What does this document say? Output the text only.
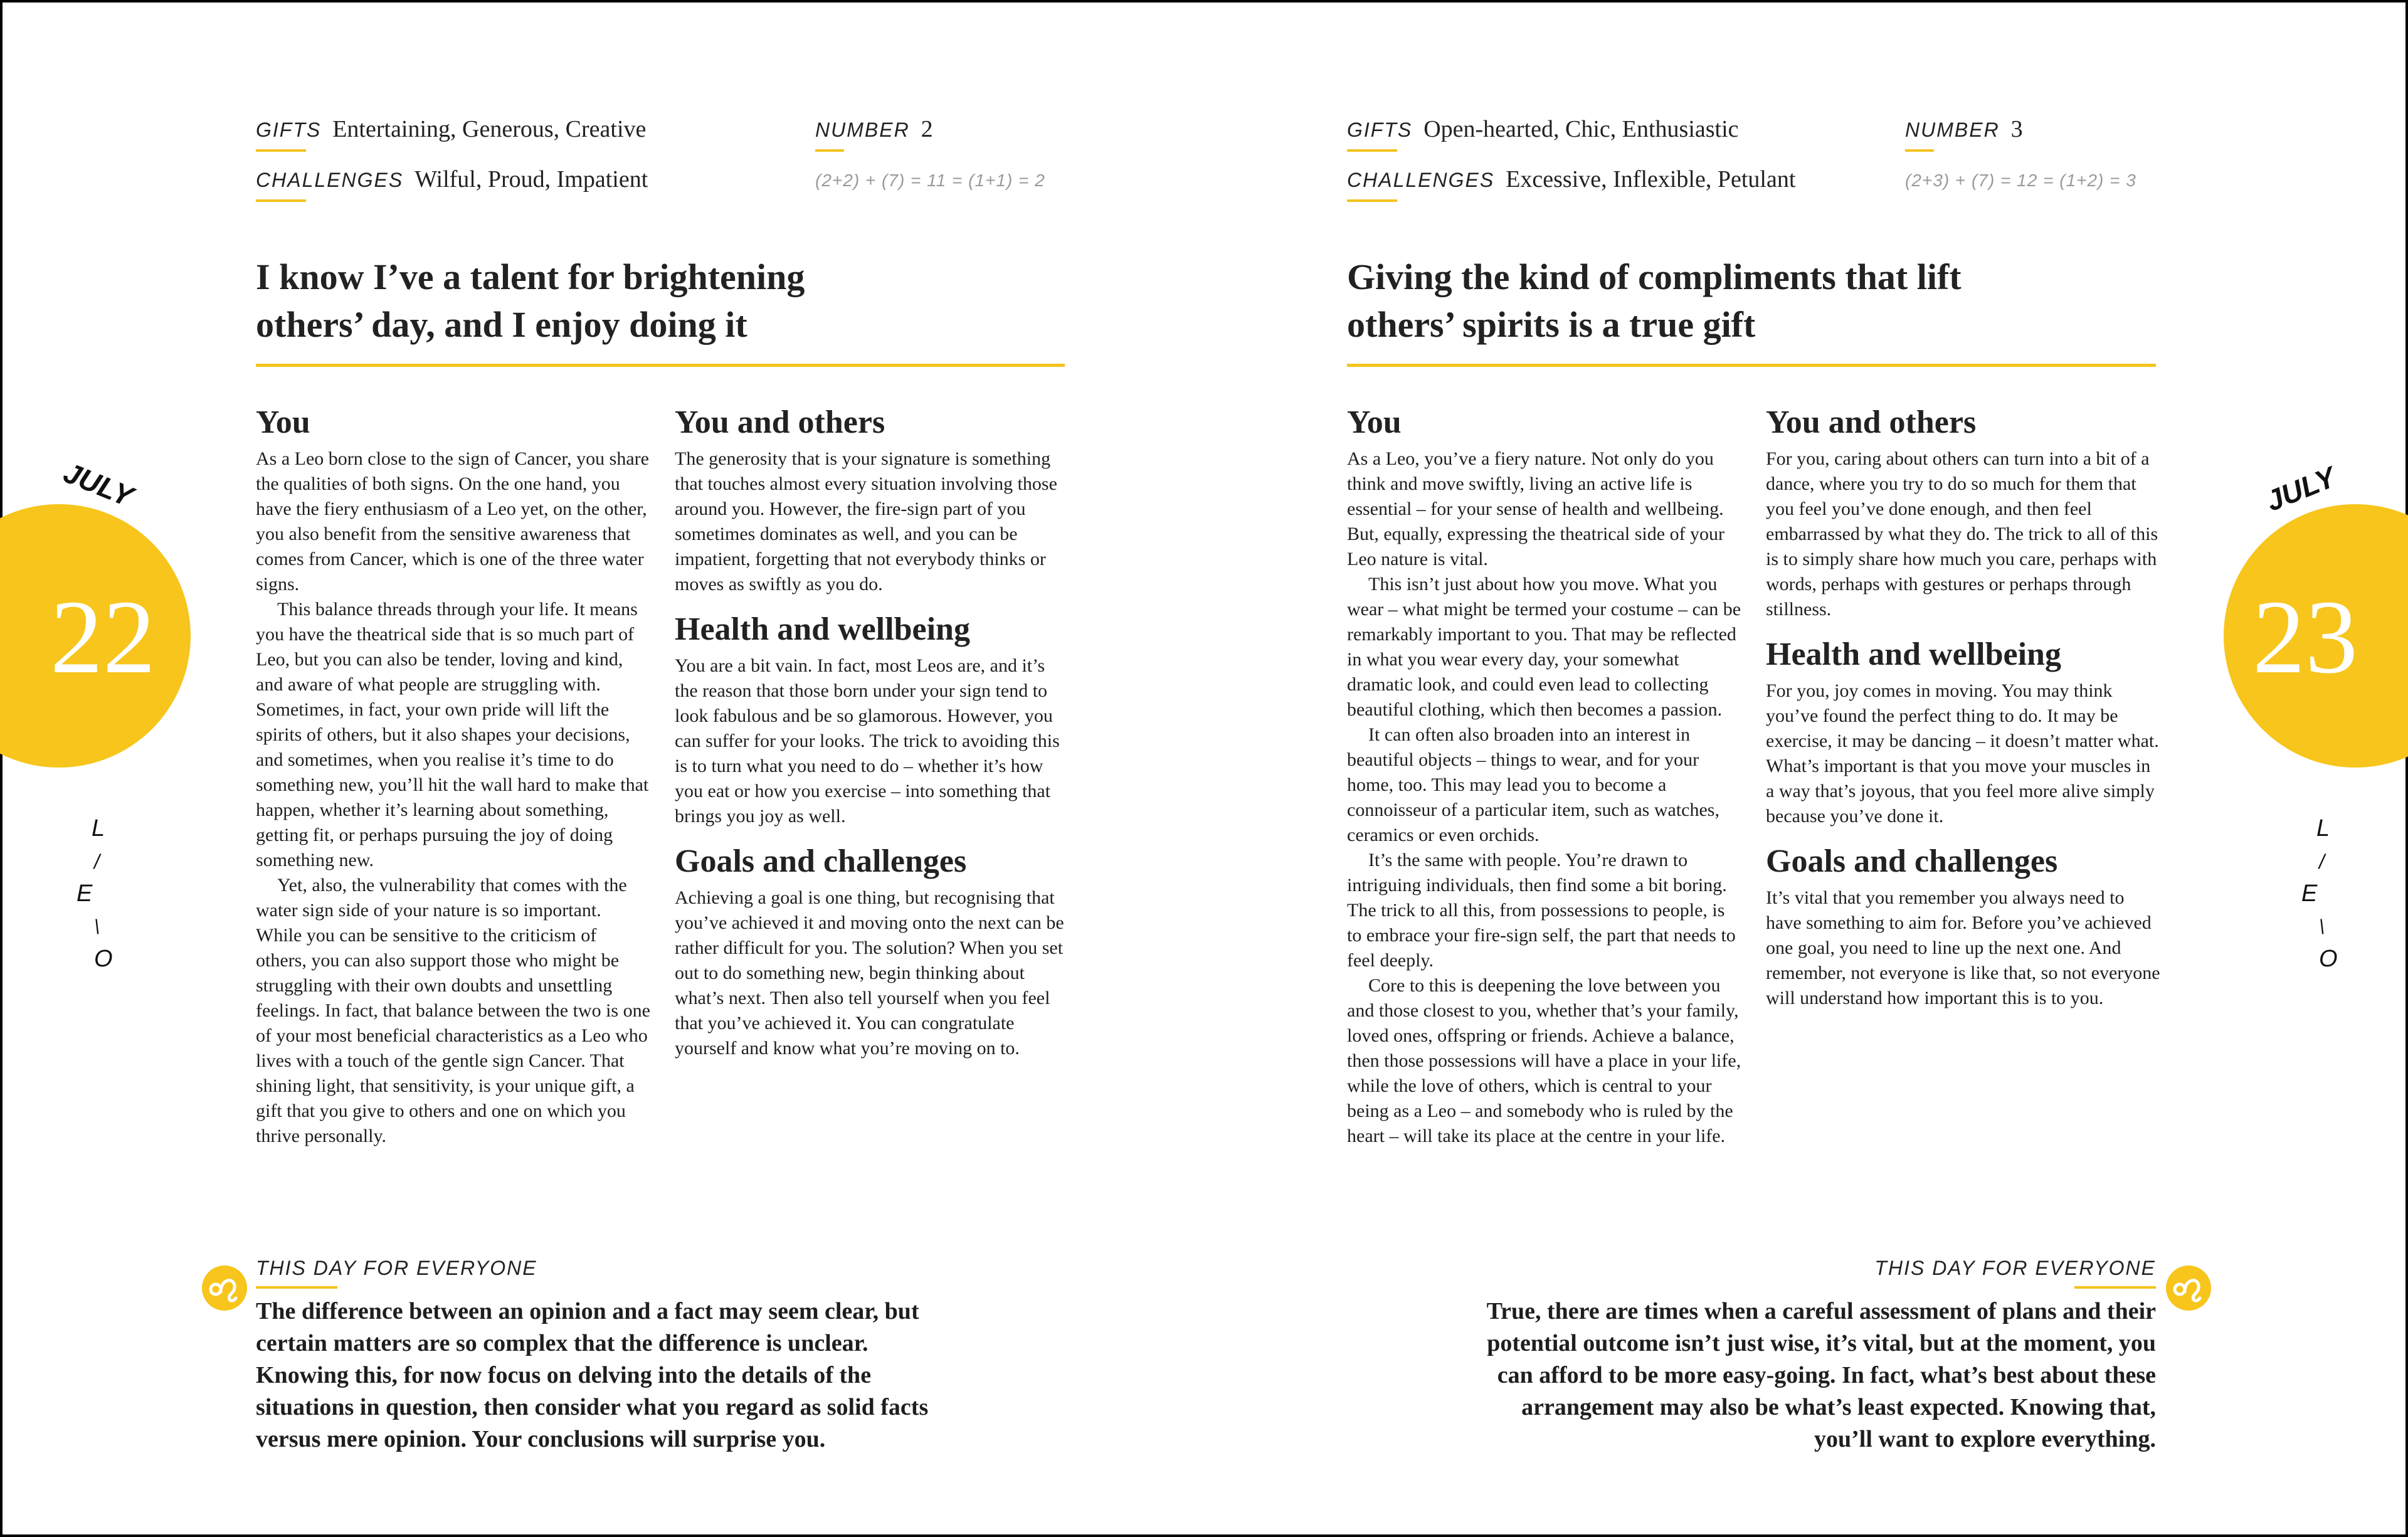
GIFTS Entertaining, Generous, Creative
CHALLENGES Wilful, Proud, Impatient
NUMBER 2
(2+2) + (7) = 11 = (1+1) = 2
I know I’ve a talent for brightening
others’ day, and I enjoy doing it
You

As a Leo born close to the sign of Cancer, you share the qualities of both signs. On the one hand, you have the fiery enthusiasm of a Leo yet, on the other, you also benefit from the sensitive awareness that comes from Cancer, which is one of the three water signs.

This balance threads through your life. It means you have the theatrical side that is so much part of Leo, but you can also be tender, loving and kind, and aware of what people are struggling with. Sometimes, in fact, your own pride will lift the spirits of others, but it also shapes your decisions, and sometimes, when you realise it’s time to do something new, you’ll hit the wall hard to make that happen, whether it’s learning about something, getting fit, or perhaps pursuing the joy of doing something new.

Yet, also, the vulnerability that comes with the water sign side of your nature is so important. While you can be sensitive to the criticism of others, you can also support those who might be struggling with their own doubts and unsettling feelings. In fact, that balance between the two is one of your most beneficial characteristics as a Leo who lives with a touch of the gentle sign Cancer. That shining light, that sensitivity, is your unique gift, a gift that you give to others and one on which you thrive personally.

You and others

The generosity that is your signature is something that touches almost every situation involving those around you. However, the fire-sign part of you sometimes dominates as well, and you can be impatient, forgetting that not everybody thinks or moves as swiftly as you do.

Health and wellbeing

You are a bit vain. In fact, most Leos are, and it’s the reason that those born under your sign tend to look fabulous and be so glamorous. However, you can suffer for your looks. The trick to avoiding this is to turn what you need to do – whether it’s how you eat or how you exercise – into something that brings you joy as well.

Goals and challenges

Achieving a goal is one thing, but recognising that you’ve achieved it and moving onto the next can be rather difficult for you. The solution? When you set out to do something new, begin thinking about what’s next. Then also tell yourself when you feel that you’ve achieved it. You can congratulate yourself and know what you’re moving on to.

JULY
22
L
/
E
\
O
THIS DAY FOR EVERYONE
The difference between an opinion and a fact may seem clear, but certain matters are so complex that the difference is unclear. Knowing this, for now focus on delving into the details of the situations in question, then consider what you regard as solid facts versus mere opinion. Your conclusions will surprise you.
GIFTS Open-hearted, Chic, Enthusiastic
CHALLENGES Excessive, Inflexible, Petulant
NUMBER 3
(2+3) + (7) = 12 = (1+2) = 3
Giving the kind of compliments that lift
others’ spirits is a true gift
You

As a Leo, you’ve a fiery nature. Not only do you think and move swiftly, living an active life is essential – for your sense of health and wellbeing. But, equally, expressing the theatrical side of your Leo nature is vital.

This isn’t just about how you move. What you wear – what might be termed your costume – can be remarkably important to you. That may be reflected in what you wear every day, your somewhat dramatic look, and could even lead to collecting beautiful clothing, which then becomes a passion.

It can often also broaden into an interest in beautiful objects – things to wear, and for your home, too. This may lead you to become a connoisseur of a particular item, such as watches, ceramics or even orchids.

It’s the same with people. You’re drawn to intriguing individuals, then find some a bit boring. The trick to all this, from possessions to people, is to embrace your fire-sign self, the part that needs to feel deeply.

Core to this is deepening the love between you and those closest to you, whether that’s your family, loved ones, offspring or friends. Achieve a balance, then those possessions will have a place in your life, while the love of others, which is central to your being as a Leo – and somebody who is ruled by the heart – will take its place at the centre in your life.

You and others

For you, caring about others can turn into a bit of a dance, where you try to do so much for them that you feel you’ve done enough, and then feel embarrassed by what they do. The trick to all of this is to simply share how much you care, perhaps with words, perhaps with gestures or perhaps through stillness.

Health and wellbeing

For you, joy comes in moving. You may think you’ve found the perfect thing to do. It may be exercise, it may be dancing – it doesn’t matter what. What’s important is that you move your muscles in a way that’s joyous, that you feel more alive simply because you’ve done it.

Goals and challenges

It’s vital that you remember you always need to have something to aim for. Before you’ve achieved one goal, you need to line up the next one. And remember, not everyone is like that, so not everyone will understand how important this is to you.

JULY
23
L
/
E
\
O
THIS DAY FOR EVERYONE
True, there are times when a careful assessment of plans and their potential outcome isn’t just wise, it’s vital, but at the moment, you can afford to be more easy-going. In fact, what’s best about these arrangement may also be what’s least expected. Knowing that, you’ll want to explore everything.
